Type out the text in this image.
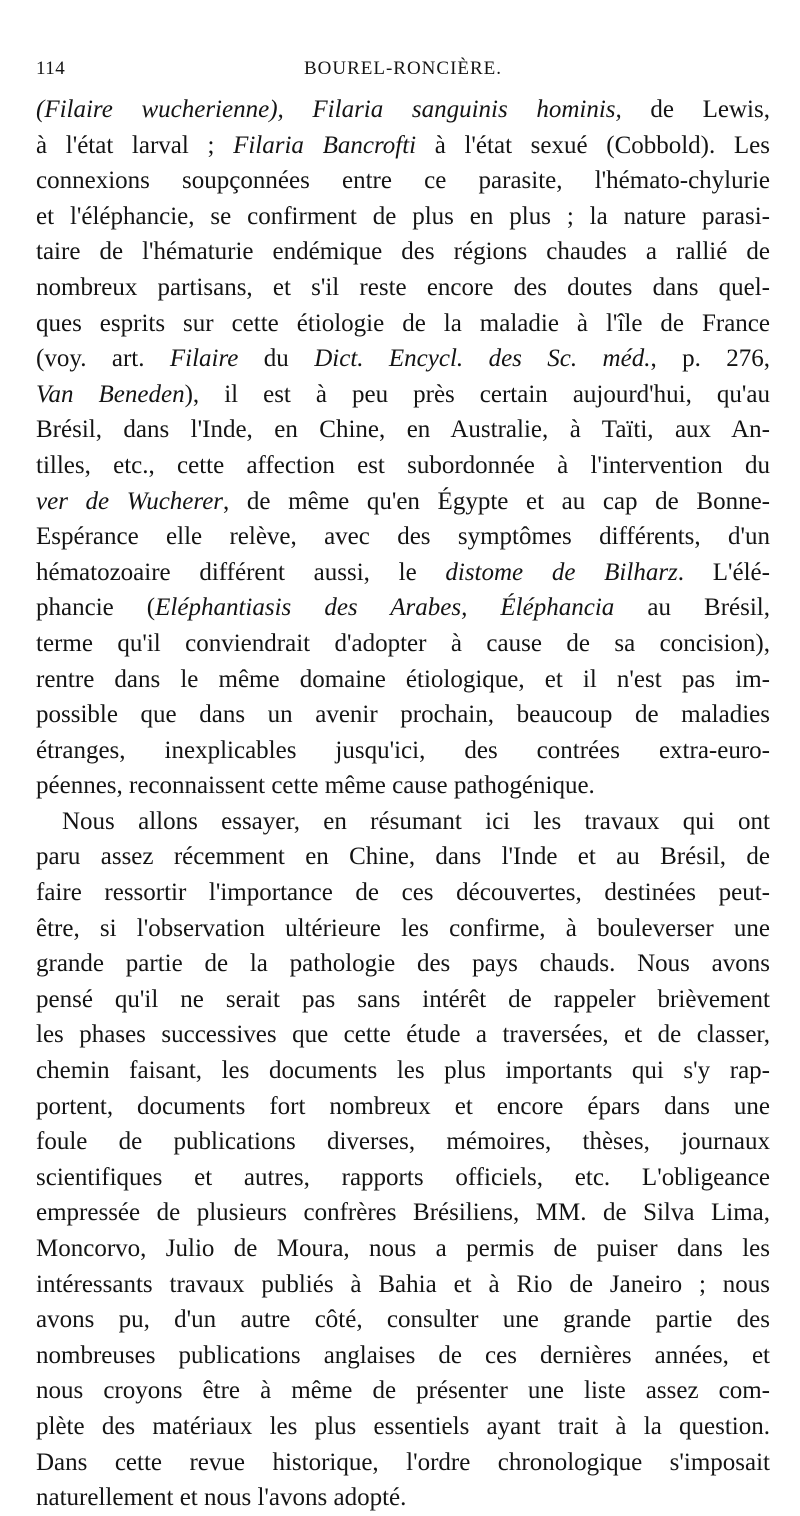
114	BOUREL-RONCIÈRE.
(Filaire wucherienne), Filaria sanguinis hominis, de Lewis,
à l'état larval ; Filaria Bancrofti à l'état sexué (Cobbold). Les
connexions soupçonnées entre ce parasite, l'hémato-chylurie
et l'éléphancie, se confirment de plus en plus ; la nature parasi-
taire de l'hématurie endémique des régions chaudes a rallié de
nombreux partisans, et s'il reste encore des doutes dans quel-
ques esprits sur cette étiologie de la maladie à l'île de France
(voy. art. Filaire du Dict. Encycl. des Sc. méd., p. 276,
Van Beneden), il est à peu près certain aujourd'hui, qu'au
Brésil, dans l'Inde, en Chine, en Australie, à Taïti, aux An-
tilles, etc., cette affection est subordonnée à l'intervention du
ver de Wucherer, de même qu'en Égypte et au cap de Bonne-
Espérance elle relève, avec des symptômes différents, d'un
hématozoaire différent aussi, le distome de Bilharz. L'élé-
phancie (Eléphantiasis des Arabes, Éléphancia au Brésil,
terme qu'il conviendrait d'adopter à cause de sa concision),
rentre dans le même domaine étiologique, et il n'est pas im-
possible que dans un avenir prochain, beaucoup de maladies
étranges, inexplicables jusqu'ici, des contrées extra-euro-
péennes, reconnaissent cette même cause pathogénique.
Nous allons essayer, en résumant ici les travaux qui ont
paru assez récemment en Chine, dans l'Inde et au Brésil, de
faire ressortir l'importance de ces découvertes, destinées peut-
être, si l'observation ultérieure les confirme, à bouleverser une
grande partie de la pathologie des pays chauds. Nous avons
pensé qu'il ne serait pas sans intérêt de rappeler brièvement
les phases successives que cette étude a traversées, et de classer,
chemin faisant, les documents les plus importants qui s'y rap-
portent, documents fort nombreux et encore épars dans une
foule de publications diverses, mémoires, thèses, journaux
scientifiques et autres, rapports officiels, etc. L'obligeance
empressée de plusieurs confrères Brésiliens, MM. de Silva Lima,
Moncorvo, Julio de Moura, nous a permis de puiser dans les
intéressants travaux publiés à Bahia et à Rio de Janeiro ; nous
avons pu, d'un autre côté, consulter une grande partie des
nombreuses publications anglaises de ces dernières années, et
nous croyons être à même de présenter une liste assez com-
plète des matériaux les plus essentiels ayant trait à la question.
Dans cette revue historique, l'ordre chronologique s'imposait
naturellement et nous l'avons adopté.
